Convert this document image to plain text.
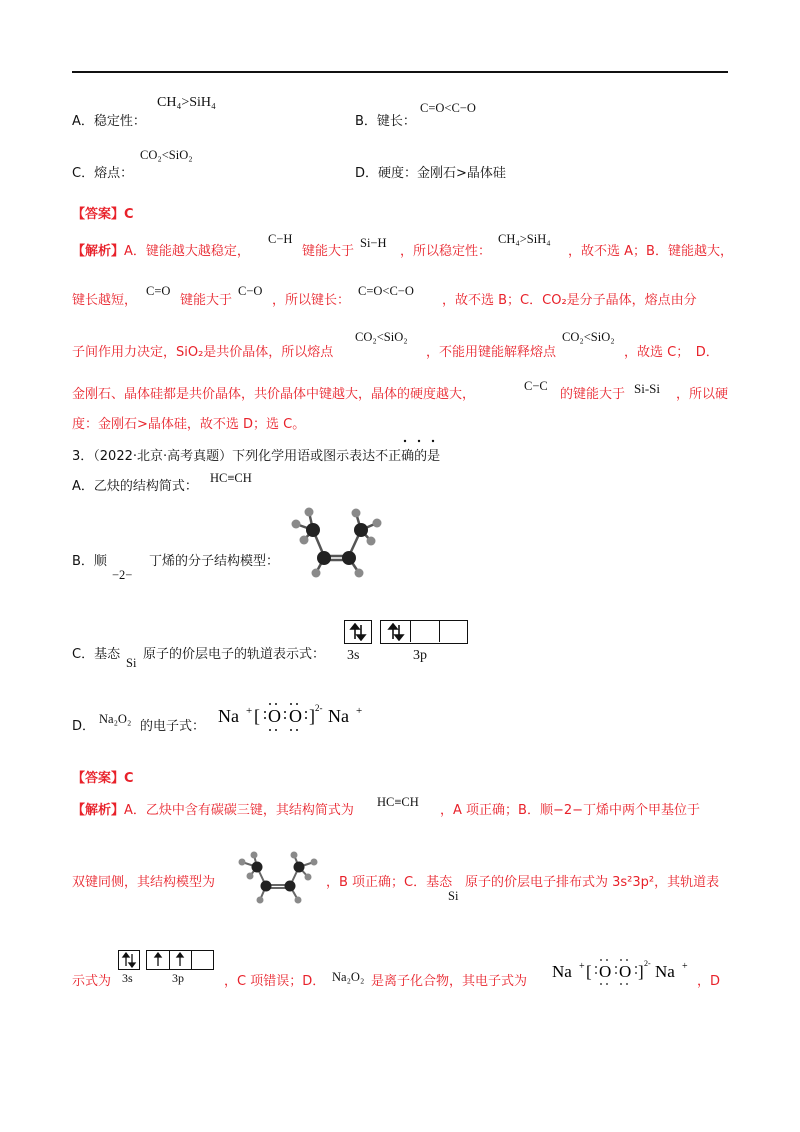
A．稳定性：
CH₄>SiH₄
B．键长：
C=O<C−O
C．熔点：
CO₂<SiO₂
D．硬度：金刚石>晶体硅
【答案】C
【解析】A．键能越大越稳定，
C−H
键能大于
Si−H
，所以稳定性：
CH₄>SiH₄
，故不选 A；B．键能越大，
键长越短，
C=O
键能大于
C−O
，所以键长：
C=O<C−O
，故不选 B；C．CO₂是分子晶体，熔点由分
子间作用力决定，SiO₂是共价晶体，所以熔点
CO₂<SiO₂
，不能用键能解释熔点
CO₂<SiO₂
，故选 C；　D．
金刚石、晶体硅都是共价晶体，共价晶体中键越大，晶体的硬度越大，
C−C
的键能大于 Si-Si ，所以硬
度：金刚石>晶体硅，故不选 D；选 C。
3．（2022·北京·高考真题）下列化学用语或图示表达不正确的是
A．乙炔的结构简式：
HC≡CH
B．顺	丁烯的分子结构模型：
−2−
C．基态
Si
原子的价层电子的轨道表示式： 3s	3p
D． Na₂O₂ 的电子式：
Na + [ O O ] 2- Na +
【答案】C
【解析】A．乙炔中含有碳碳三键，其结构简式为
HC≡CH
，A 项正确；B．顺−2−丁烯中两个甲基位于
双键同侧，其结构模型为	，B 项正确；C．基态
Si
原子的价层电子排布式为 3s²3p²，其轨道表
示式为 3s	3p	，C 项错误；D． Na₂O₂ 是离子化合物，其电子式为
Na + [ O O ] 2- Na +
，D
